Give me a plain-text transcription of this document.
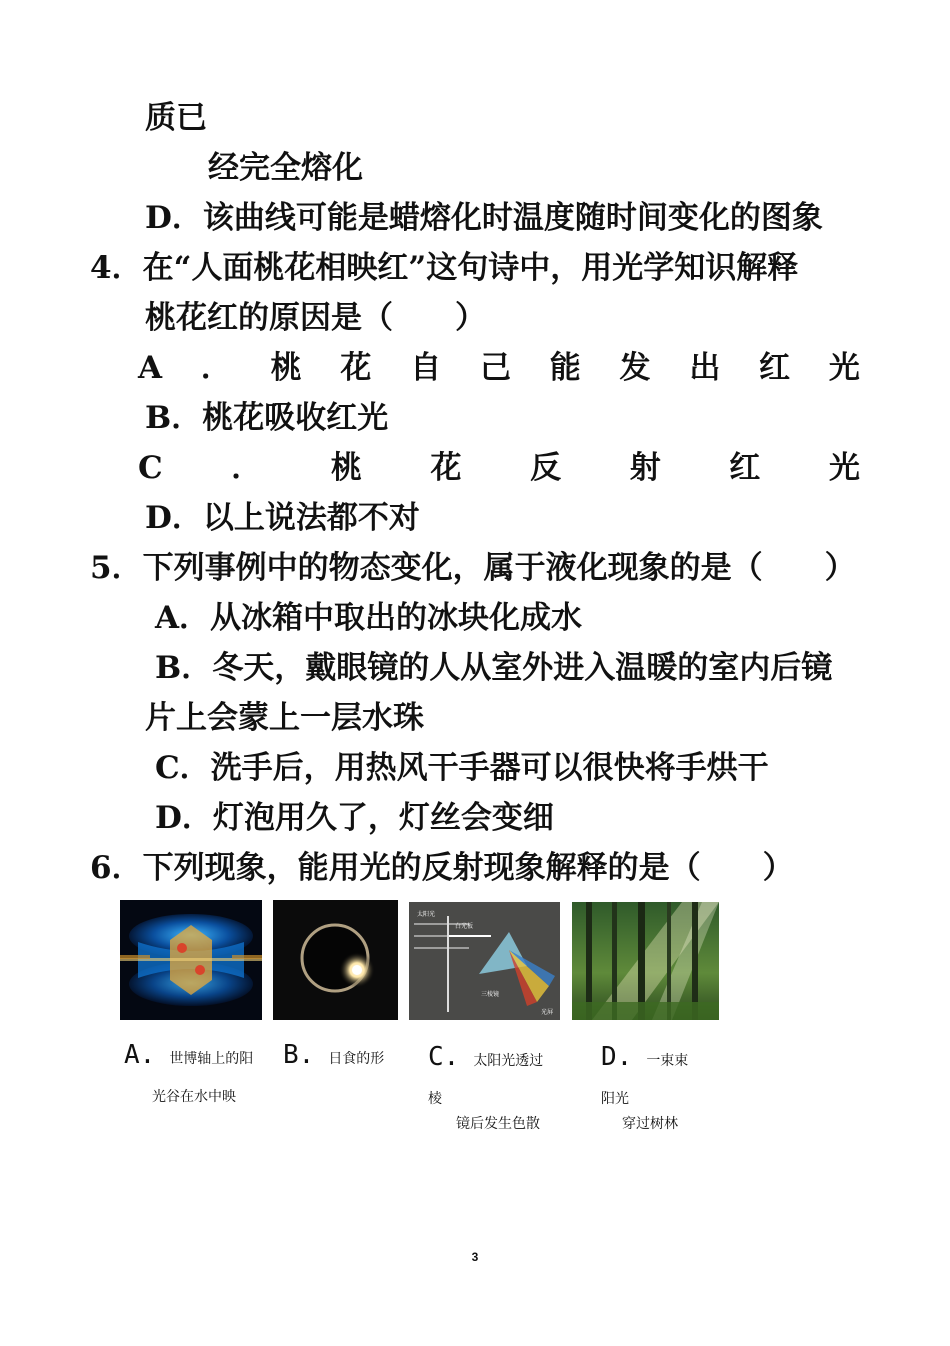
质已
经完全熔化
D．该曲线可能是蜡熔化时温度随时间变化的图象
4．在“人面桃花相映红”这句诗中，用光学知识解释
桃花红的原因是（　　）
A ． 桃 花 自 己 能 发 出 红 光
B．桃花吸收红光
C ． 桃 花 反 射 红 光
D．以上说法都不对
5．下列事例中的物态变化，属于液化现象的是（　　）
A．从冰箱中取出的冰块化成水
B．冬天，戴眼镜的人从室外进入温暖的室内后镜
片上会蒙上一层水珠
C．洗手后，用热风干手器可以很快将手烘干
D．灯泡用久了，灯丝会变细
6．下列现象，能用光的反射现象解释的是（　　）
太阳光
白光板
三棱镜
光屏
A. 世博轴上的阳
光谷在水中映
B. 日食的形 C. 太阳光透过
棱
镜后发生色散
D. 一束束
阳光
穿过树林
3
